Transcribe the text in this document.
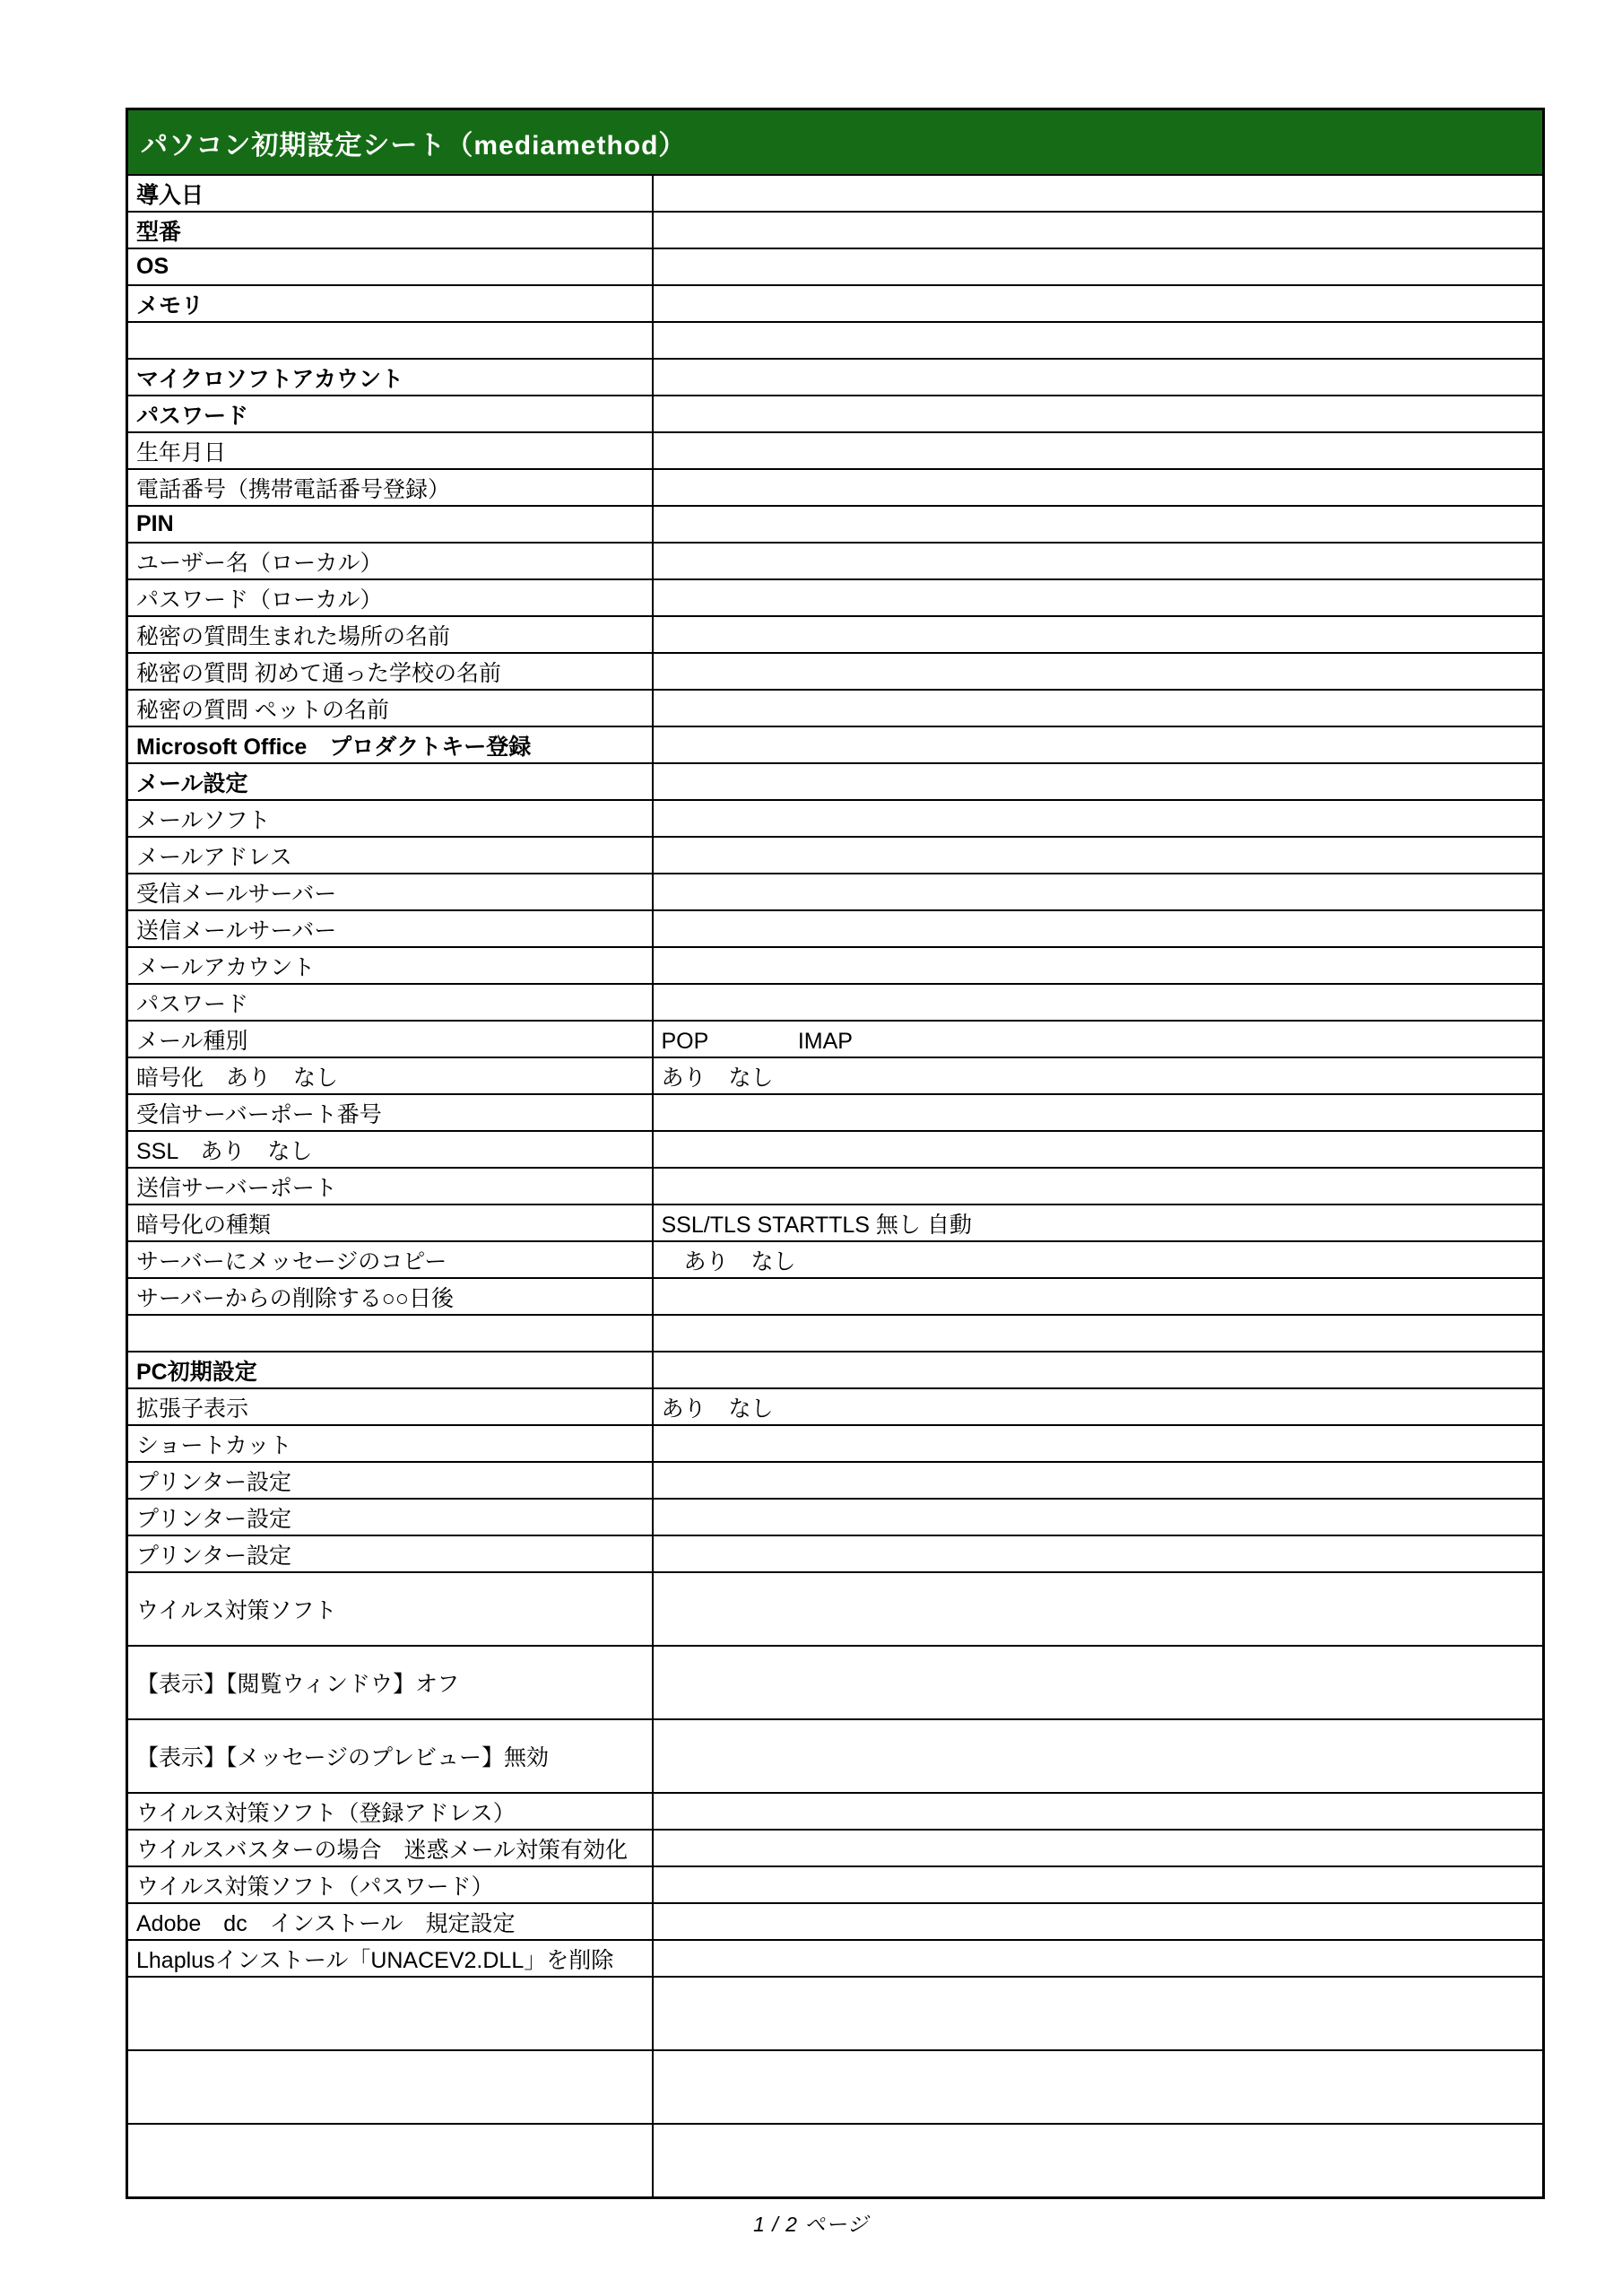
パソコン初期設定シート（mediamethod）	
導入日	
型番	
OS	
メモリ	

マイクロソフトアカウント	
パスワード	
生年月日	
電話番号（携帯電話番号登録）	
PIN	
ユーザー名（ローカル）	
パスワード（ローカル）	
秘密の質問生まれた場所の名前	
秘密の質問 初めて通った学校の名前	
秘密の質問 ペットの名前	
Microsoft Office　プロダクトキー登録	
メール設定	
メールソフト	
メールアドレス	
受信メールサーバー	
送信メールサーバー	
メールアカウント	
パスワード	
メール種別	POP　　　　IMAP
暗号化　あり　なし	あり　なし
受信サーバーポート番号	
SSL　あり　なし	
送信サーバーポート	
暗号化の種類	SSL/TLS STARTTLS 無し 自動
サーバーにメッセージのコピー	　あり　なし
サーバーからの削除する○○日後	

PC初期設定	
拡張子表示	あり　なし
ショートカット	
プリンター設定	
プリンター設定	
プリンター設定	
ウイルス対策ソフト	
【表示】【閲覧ウィンドウ】オフ	
【表示】【メッセージのプレビュー】無効	
ウイルス対策ソフト（登録アドレス）	
ウイルスバスターの場合　迷惑メール対策有効化	
ウイルス対策ソフト（パスワード）	
Adobe　dc　インストール　規定設定	
Lhaplusインストール「UNACEV2.DLL」を削除	

1 / 2 ページ
